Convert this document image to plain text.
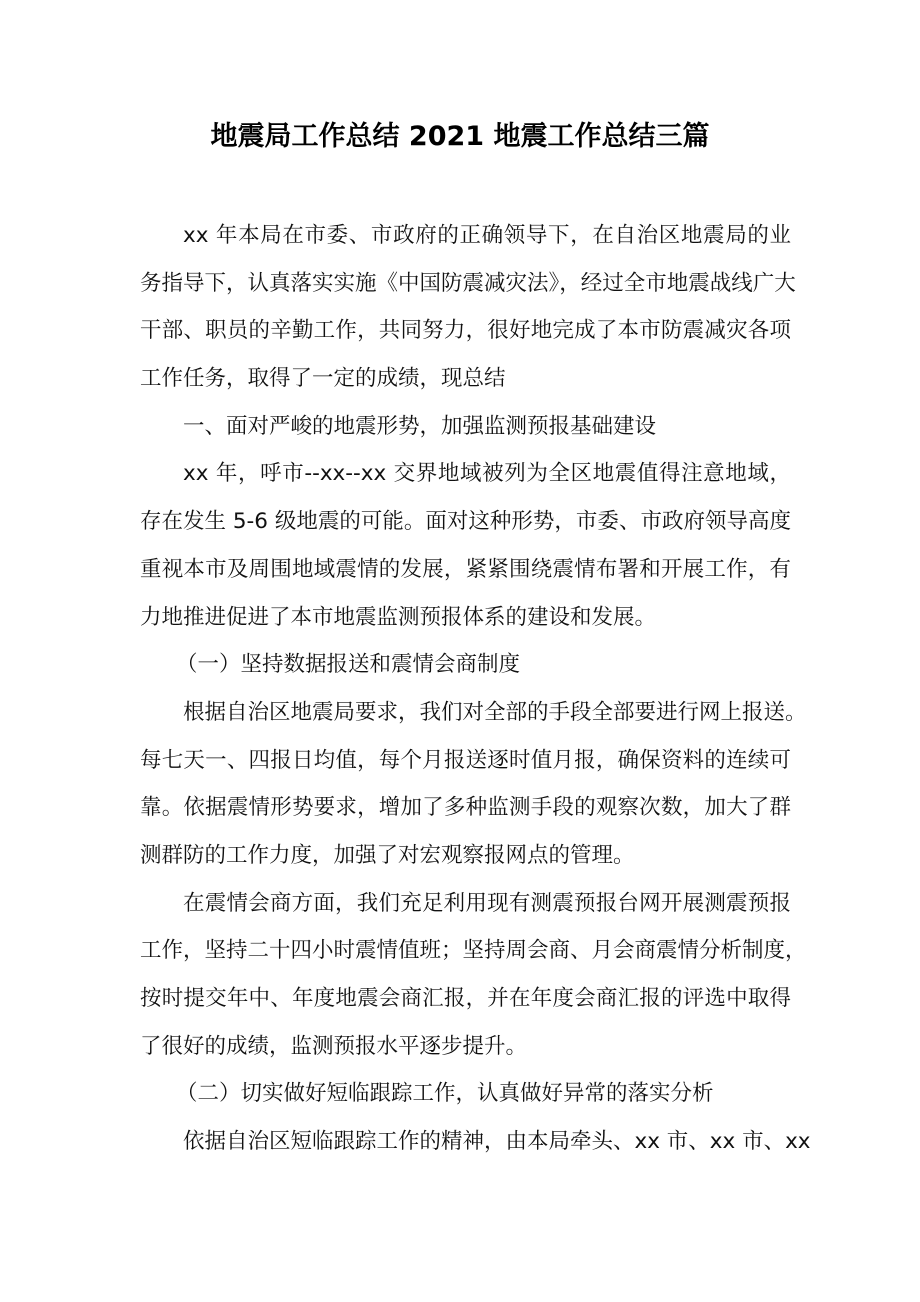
地震局工作总结 2021 地震工作总结三篇
xx 年本局在市委、市政府的正确领导下，在自治区地震局的业
务指导下，认真落实实施《中国防震减灾法》，经过全市地震战线广大
干部、职员的辛勤工作，共同努力，很好地完成了本市防震减灾各项
工作任务，取得了一定的成绩，现总结
一、面对严峻的地震形势，加强监测预报基础建设
xx 年，呼市--xx--xx 交界地域被列为全区地震值得注意地域，
存在发生 5-6 级地震的可能。面对这种形势，市委、市政府领导高度
重视本市及周围地域震情的发展，紧紧围绕震情布署和开展工作，有
力地推进促进了本市地震监测预报体系的建设和发展。
（一）坚持数据报送和震情会商制度
根据自治区地震局要求，我们对全部的手段全部要进行网上报送。
每七天一、四报日均值，每个月报送逐时值月报，确保资料的连续可
靠。依据震情形势要求，增加了多种监测手段的观察次数，加大了群
测群防的工作力度，加强了对宏观察报网点的管理。
在震情会商方面，我们充足利用现有测震预报台网开展测震预报
工作，坚持二十四小时震情值班；坚持周会商、月会商震情分析制度，
按时提交年中、年度地震会商汇报，并在年度会商汇报的评选中取得
了很好的成绩，监测预报水平逐步提升。
（二）切实做好短临跟踪工作，认真做好异常的落实分析
依据自治区短临跟踪工作的精神，由本局牵头、xx 市、xx 市、xx
